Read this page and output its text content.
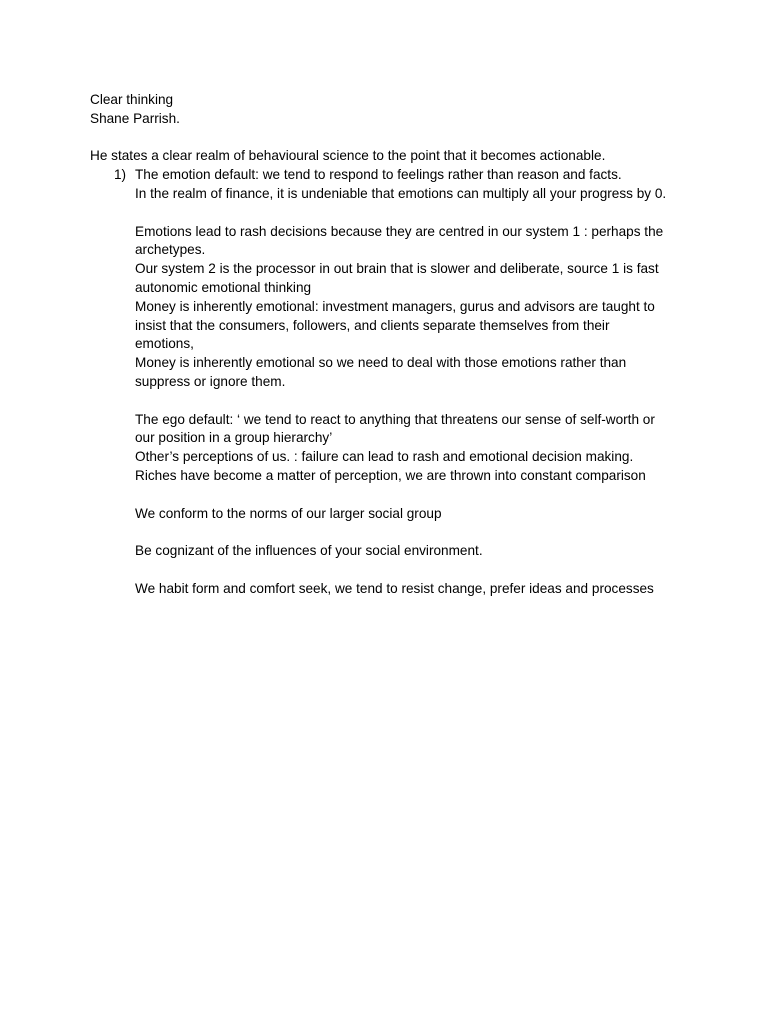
Clear thinking
Shane Parrish.
He states a clear realm of behavioural science to the point that it becomes actionable.
1) The emotion default: we tend to respond to feelings rather than reason and facts.
In the realm of finance, it is undeniable that emotions can multiply all your progress by 0.
Emotions lead to rash decisions because they are centred in our system 1 : perhaps the
archetypes.
Our system 2 is the processor in out brain that is slower and deliberate, source 1 is fast
autonomic emotional thinking
Money is inherently emotional: investment managers, gurus and advisors are taught to
insist that the consumers, followers, and clients separate themselves from their
emotions,
Money is inherently emotional so we need to deal with those emotions rather than
suppress or ignore them.
The ego default: ‘ we tend to react to anything that threatens our sense of self-worth or
our position in a group hierarchy’
Other’s perceptions of us. : failure can lead to rash and emotional decision making.
Riches have become a matter of perception, we are thrown into constant comparison
We conform to the norms of our larger social group
Be cognizant of the influences of your social environment.
We habit form and comfort seek, we tend to resist change, prefer ideas and processes
